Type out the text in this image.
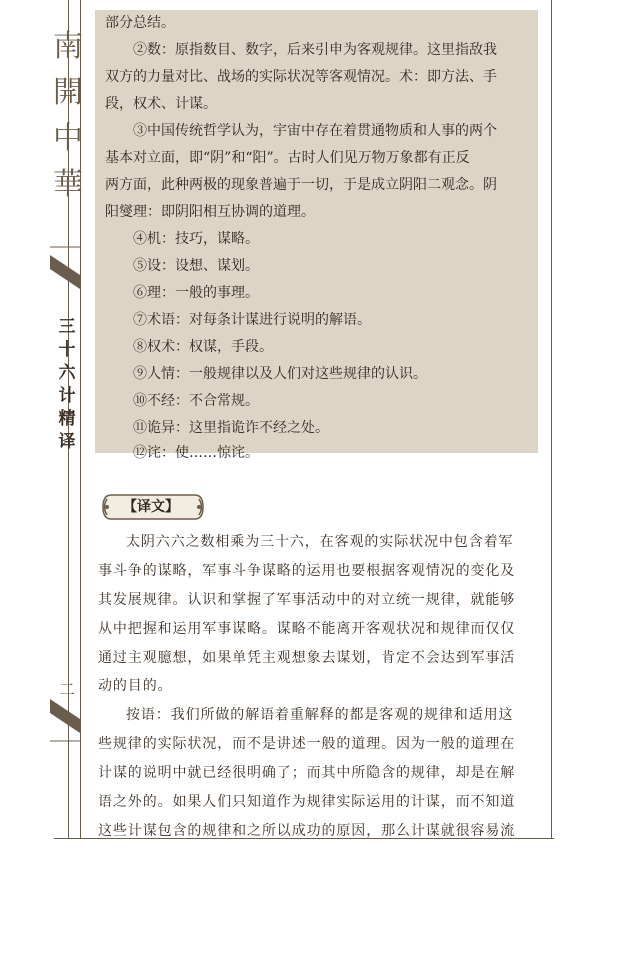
南
開
中
華
三
十
六
计
精
译
二

部分总结。

②数：原指数目、数字，后来引申为客观规律。这里指敌我

双方的力量对比、战场的实际状况等客观情况。术：即方法、手

段，权术、计谋。

③中国传统哲学认为，宇宙中存在着贯通物质和人事的两个

基本对立面，即“阴”和“阳”。古时人们见万物万象都有正反

两方面，此种两极的现象普遍于一切，于是成立阴阳二观念。阴

阳燮理：即阴阳相互协调的道理。

④机：技巧，谋略。

⑤设：设想、谋划。

⑥理：一般的事理。

⑦术语：对每条计谋进行说明的解语。

⑧权术：权谋，手段。

⑨人情：一般规律以及人们对这些规律的认识。

⑩不经：不合常规。

⑪诡异：这里指诡诈不经之处。

⑫诧：使……惊诧。

【译文】

太阴六六之数相乘为三十六，在客观的实际状况中包含着军

事斗争的谋略，军事斗争谋略的运用也要根据客观情况的变化及

其发展规律。认识和掌握了军事活动中的对立统一规律，就能够

从中把握和运用军事谋略。谋略不能离开客观状况和规律而仅仅

通过主观臆想，如果单凭主观想象去谋划，肯定不会达到军事活

动的目的。

按语：我们所做的解语着重解释的都是客观的规律和适用这

些规律的实际状况，而不是讲述一般的道理。因为一般的道理在

计谋的说明中就已经很明确了；而其中所隐含的规律，却是在解

语之外的。如果人们只知道作为规律实际运用的计谋，而不知道

这些计谋包含的规律和之所以成功的原因，那么计谋就很容易流
